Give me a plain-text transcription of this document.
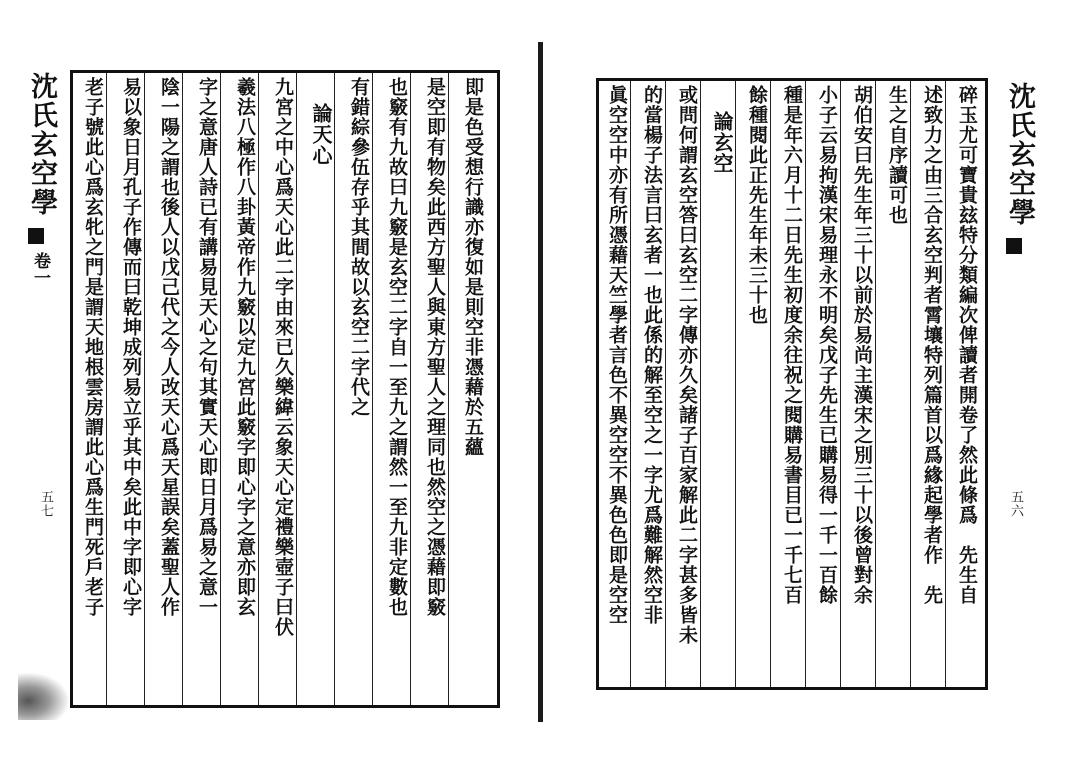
沈氏玄空學
卷一
五七
即是色受想行識亦復如是則空非憑藉於五蘊
是空即有物矣此西方聖人與東方聖人之理同也然空之憑藉即竅
也竅有九故曰九竅是玄空二字自一至九之謂然一至九非定數也
有錯綜參伍存乎其間故以玄空二字代之
論天心
九宮之中心爲天心此二字由來已久樂緯云象天心定禮樂壺子曰伏
羲法八極作八卦黃帝作九竅以定九宮此竅字即心字之意亦即玄
字之意唐人詩已有講易見天心之句其實天心即日月爲易之意一
陰一陽之謂也後人以戊己代之今人改天心爲天星誤矣蓋聖人作
易以象日月孔子作傳而曰乾坤成列易立乎其中矣此中字即心字
老子號此心爲玄牝之門是謂天地根雲房謂此心爲生門死戶老子	沈氏玄空學
五六
碎玉尤可寶貴玆特分類編次俾讀者開卷了然此條爲　先生自
述致力之由三合玄空判者霄壤特列篇首以爲緣起學者作　先
生之自序讀可也
胡伯安曰先生年三十以前於易尚主漢宋之別三十以後曾對余
小子云易拘漢宋易理永不明矣戊子先生已購易得一千一百餘
種是年六月十二日先生初度余往祝之閱購易書目已一千七百
餘種閱此正先生年未三十也
論玄空
或問何謂玄空答曰玄空二字傳亦久矣諸子百家解此二字甚多皆未
的當楊子法言曰玄者一也此係的解至空之一字尤爲難解然空非
眞空空中亦有所憑藉天竺學者言色不異空空不異色色即是空空
